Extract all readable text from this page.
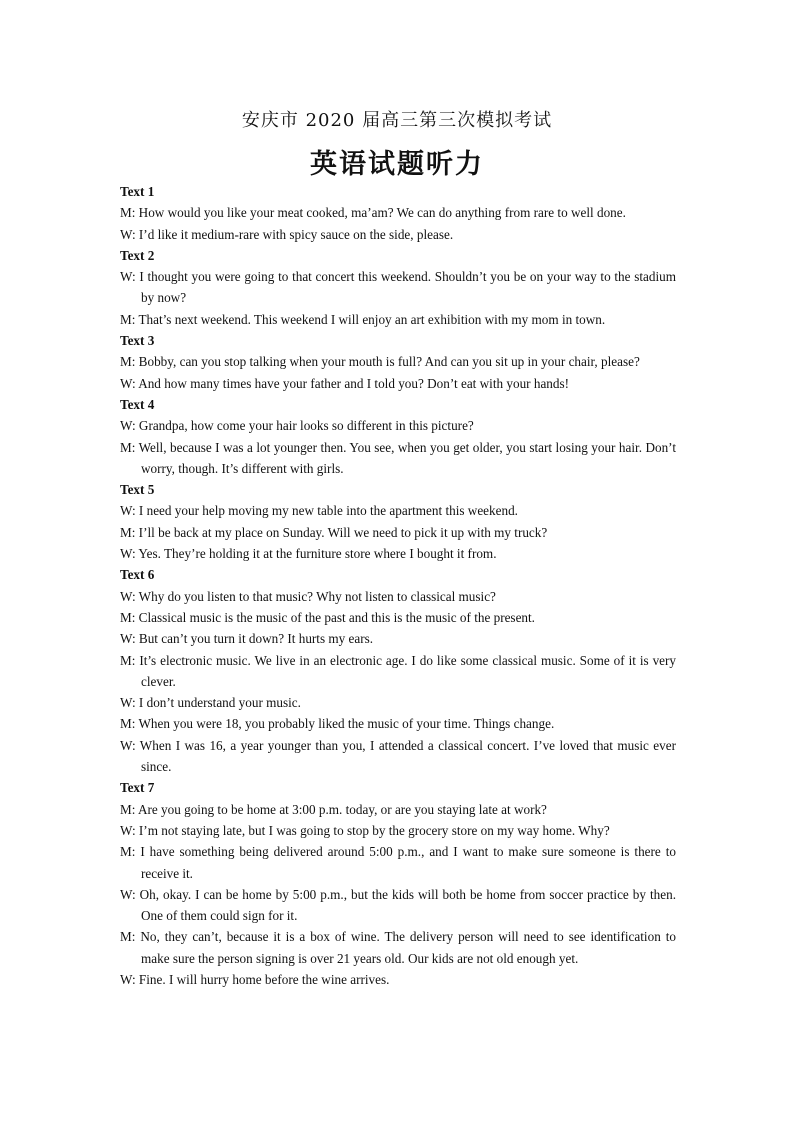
安庆市 2020 届高三第三次模拟考试
英语试题听力
Text 1
M: How would you like your meat cooked, ma’am? We can do anything from rare to well done.
W: I’d like it medium-rare with spicy sauce on the side, please.
Text 2
W: I thought you were going to that concert this weekend. Shouldn’t you be on your way to the stadium by now?
M: That’s next weekend. This weekend I will enjoy an art exhibition with my mom in town.
Text 3
M: Bobby, can you stop talking when your mouth is full? And can you sit up in your chair, please?
W: And how many times have your father and I told you? Don’t eat with your hands!
Text 4
W: Grandpa, how come your hair looks so different in this picture?
M: Well, because I was a lot younger then. You see, when you get older, you start losing your hair. Don’t worry, though. It’s different with girls.
Text 5
W: I need your help moving my new table into the apartment this weekend.
M: I’ll be back at my place on Sunday. Will we need to pick it up with my truck?
W: Yes. They’re holding it at the furniture store where I bought it from.
Text 6
W: Why do you listen to that music? Why not listen to classical music?
M: Classical music is the music of the past and this is the music of the present.
W: But can’t you turn it down? It hurts my ears.
M: It’s electronic music. We live in an electronic age. I do like some classical music. Some of it is very clever.
W: I don’t understand your music.
M: When you were 18, you probably liked the music of your time. Things change.
W: When I was 16, a year younger than you, I attended a classical concert. I’ve loved that music ever since.
Text 7
M: Are you going to be home at 3:00 p.m. today, or are you staying late at work?
W: I’m not staying late, but I was going to stop by the grocery store on my way home. Why?
M: I have something being delivered around 5:00 p.m., and I want to make sure someone is there to receive it.
W: Oh, okay. I can be home by 5:00 p.m., but the kids will both be home from soccer practice by then. One of them could sign for it.
M: No, they can’t, because it is a box of wine. The delivery person will need to see identification to make sure the person signing is over 21 years old. Our kids are not old enough yet.
W: Fine. I will hurry home before the wine arrives.
